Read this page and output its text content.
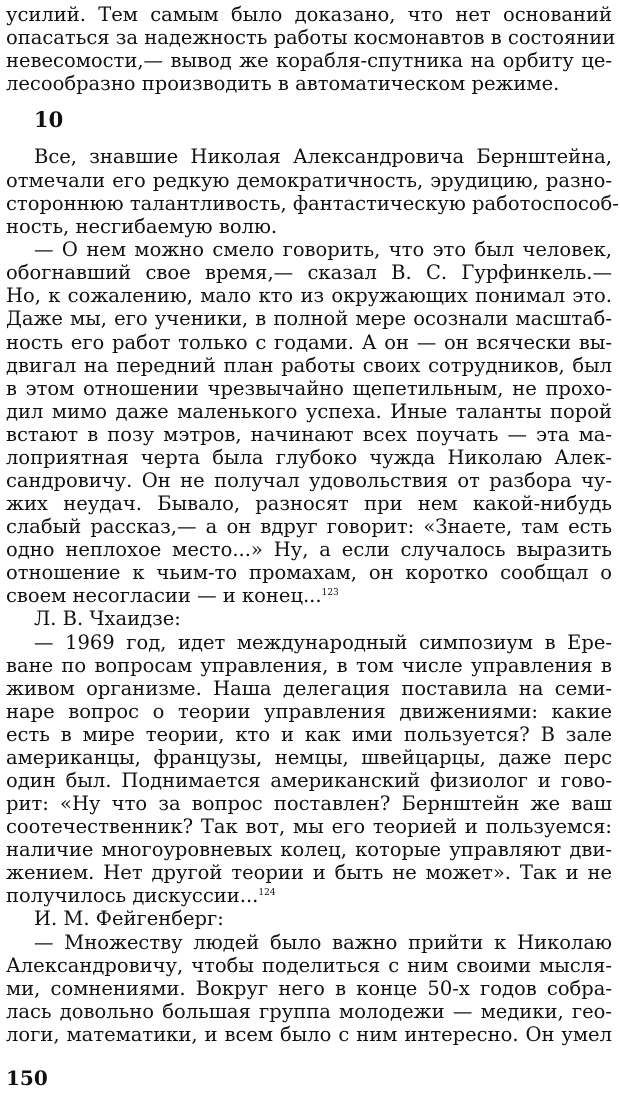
усилий. Тем самым было доказано, что нет оснований
опасаться за надежность работы космонавтов в состоянии
невесомости,— вывод же корабля-спутника на орбиту це-
лесообразно производить в автоматическом режиме.
10
Все, знавшие Николая Александровича Бернштейна,
отмечали его редкую демократичность, эрудицию, разно-
стороннюю талантливость, фантастическую работоспособ-
ность, несгибаемую волю.
— О нем можно смело говорить, что это был человек,
обогнавший свое время,— сказал В. С. Гурфинкель.—
Но, к сожалению, мало кто из окружающих понимал это.
Даже мы, его ученики, в полной мере осознали масштаб-
ность его работ только с годами. А он — он всячески вы-
двигал на передний план работы своих сотрудников, был
в этом отношении чрезвычайно щепетильным, не прохо-
дил мимо даже маленького успеха. Иные таланты порой
встают в позу мэтров, начинают всех поучать — эта ма-
лоприятная черта была глубоко чужда Николаю Алек-
сандровичу. Он не получал удовольствия от разбора чу-
жих неудач. Бывало, разносят при нем какой-нибудь
слабый рассказ,— а он вдруг говорит: «Знаете, там есть
одно неплохое место...» Ну, а если случалось выразить
отношение к чьим-то промахам, он коротко сообщал о
своем несогласии — и конец...$^{123}$
Л. В. Чхаидзе:
— 1969 год, идет международный симпозиум в Ере-
ване по вопросам управления, в том числе управления в
живом организме. Наша делегация поставила на семи-
наре вопрос о теории управления движениями: какие
есть в мире теории, кто и как ими пользуется? В зале
американцы, французы, немцы, швейцарцы, даже перс
один был. Поднимается американский физиолог и гово-
рит: «Ну что за вопрос поставлен? Бернштейн же ваш
соотечественник? Так вот, мы его теорией и пользуемся:
наличие многоуровневых колец, которые управляют дви-
жением. Нет другой теории и быть не может». Так и не
получилось дискуссии...$^{124}$
И. М. Фейгенберг:
— Множеству людей было важно прийти к Николаю
Александровичу, чтобы поделиться с ним своими мысля-
ми, сомнениями. Вокруг него в конце 50-х годов собра-
лась довольно большая группа молодежи — медики, гео-
логи, математики, и всем было с ним интересно. Он умел
150
